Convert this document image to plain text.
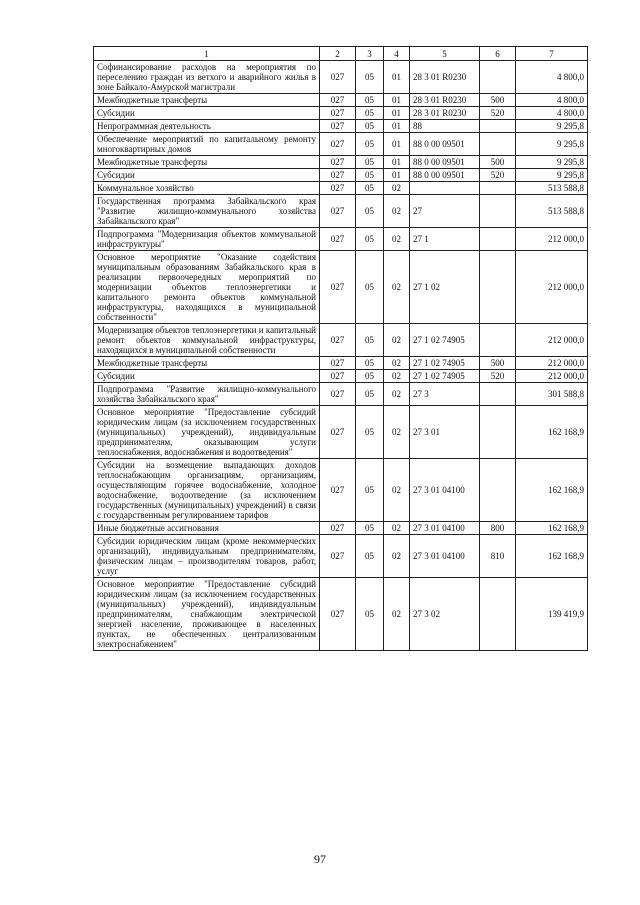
1	2	3	4	5	6	7
Софинансирование расходов на мероприятия по переселению граждан из ветхого и аварийного жилья в зоне Байкало-Амурской магистрали	027	05	01	28 3 01 R0230		4 800,0
Межбюджетные трансферты	027	05	01	28 3 01 R0230	500	4 800,0
Субсидии	027	05	01	28 3 01 R0230	520	4 800,0
Непрограммная деятельность	027	05	01	88		9 295,8
Обеспечение мероприятий по капитальному ремонту многоквартирных домов	027	05	01	88 0 00 09501		9 295,8
Межбюджетные трансферты	027	05	01	88 0 00 09501	500	9 295,8
Субсидии	027	05	01	88 0 00 09501	520	9 295,8
Коммунальное хозяйство	027	05	02			513 588,8
Государственная программа Забайкальского края "Развитие жилищно-коммунального хозяйства Забайкальского края"	027	05	02	27		513 588,8
Подпрограмма "Модернизация объектов коммунальной инфраструктуры"	027	05	02	27 1		212 000,0
Основное мероприятие "Оказание содействия муниципальным образованиям Забайкальского края в реализации первоочередных мероприятий по модернизации объектов теплоэнергетики и капитального ремонта объектов коммунальной инфраструктуры, находящихся в муниципальной собственности"	027	05	02	27 1 02		212 000,0
Модернизация объектов теплоэнергетики и капитальный ремонт объектов коммунальной инфраструктуры, находящихся в муниципальной собственности	027	05	02	27 1 02 74905		212 000,0
Межбюджетные трансферты	027	05	02	27 1 02 74905	500	212 000,0
Субсидии	027	05	02	27 1 02 74905	520	212 000,0
Подпрограмма "Развитие жилищно-коммунального хозяйства Забайкальского края"	027	05	02	27 3		301 588,8
Основное мероприятие "Предоставление субсидий юридическим лицам (за исключением государственных (муниципальных) учреждений), индивидуальным предпринимателям, оказывающим услуги теплоснабжения, водоснабжения и водоотведения"	027	05	02	27 3 01		162 168,9
Субсидии на возмещение выпадающих доходов теплоснабжающим организациям, организациям, осуществляющим горячее водоснабжение, холодное водоснабжение, водоотведение (за исключением государственных (муниципальных) учреждений) в связи с государственным регулированием тарифов	027	05	02	27 3 01 04100		162 168,9
Иные бюджетные ассигнования	027	05	02	27 3 01 04100	800	162 168,9
Субсидии юридическим лицам (кроме некоммерческих организаций), индивидуальным предпринимателям, физическим лицам – производителям товаров, работ, услуг	027	05	02	27 3 01 04100	810	162 168,9
Основное мероприятие "Предоставление субсидий юридическим лицам (за исключением государственных (муниципальных) учреждений), индивидуальным предпринимателям, снабжающим электрической энергией население, проживающее в населенных пунктах, не обеспеченных централизованным электроснабжением"	027	05	02	27 3 02		139 419,9
97
